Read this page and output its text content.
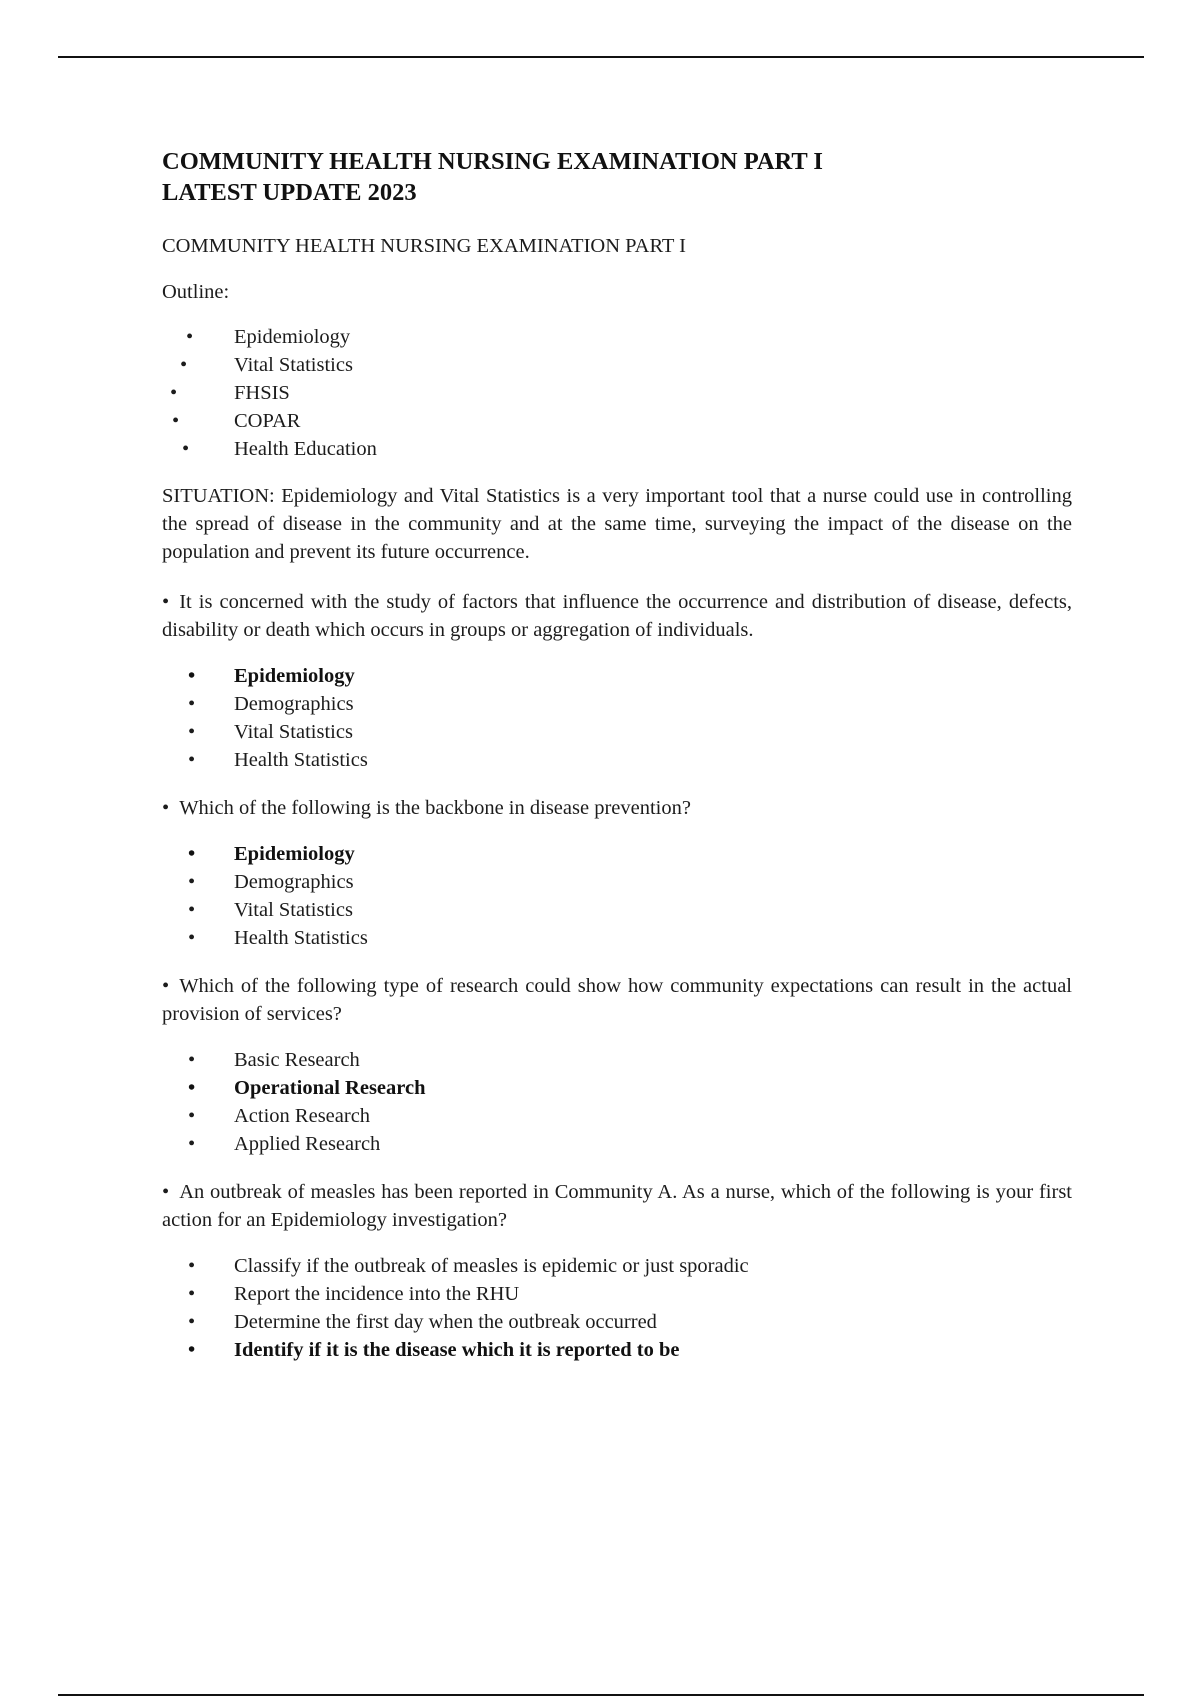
COMMUNITY HEALTH NURSING EXAMINATION PART I
LATEST UPDATE 2023

COMMUNITY HEALTH NURSING EXAMINATION PART I

Outline:

• Epidemiology
• Vital Statistics
• FHSIS
• COPAR
• Health Education

SITUATION: Epidemiology and Vital Statistics is a very important tool that a nurse could use in controlling the spread of disease in the community and at the same time, surveying the impact of the disease on the population and prevent its future occurrence.

• It is concerned with the study of factors that influence the occurrence and distribution of disease, defects, disability or death which occurs in groups or aggregation of individuals.

• Epidemiology
• Demographics
• Vital Statistics
• Health Statistics

• Which of the following is the backbone in disease prevention?

• Epidemiology
• Demographics
• Vital Statistics
• Health Statistics

• Which of the following type of research could show how community expectations can result in the actual provision of services?

• Basic Research
• Operational Research
• Action Research
• Applied Research

• An outbreak of measles has been reported in Community A. As a nurse, which of the following is your first action for an Epidemiology investigation?

• Classify if the outbreak of measles is epidemic or just sporadic
• Report the incidence into the RHU
• Determine the first day when the outbreak occurred
• Identify if it is the disease which it is reported to be
